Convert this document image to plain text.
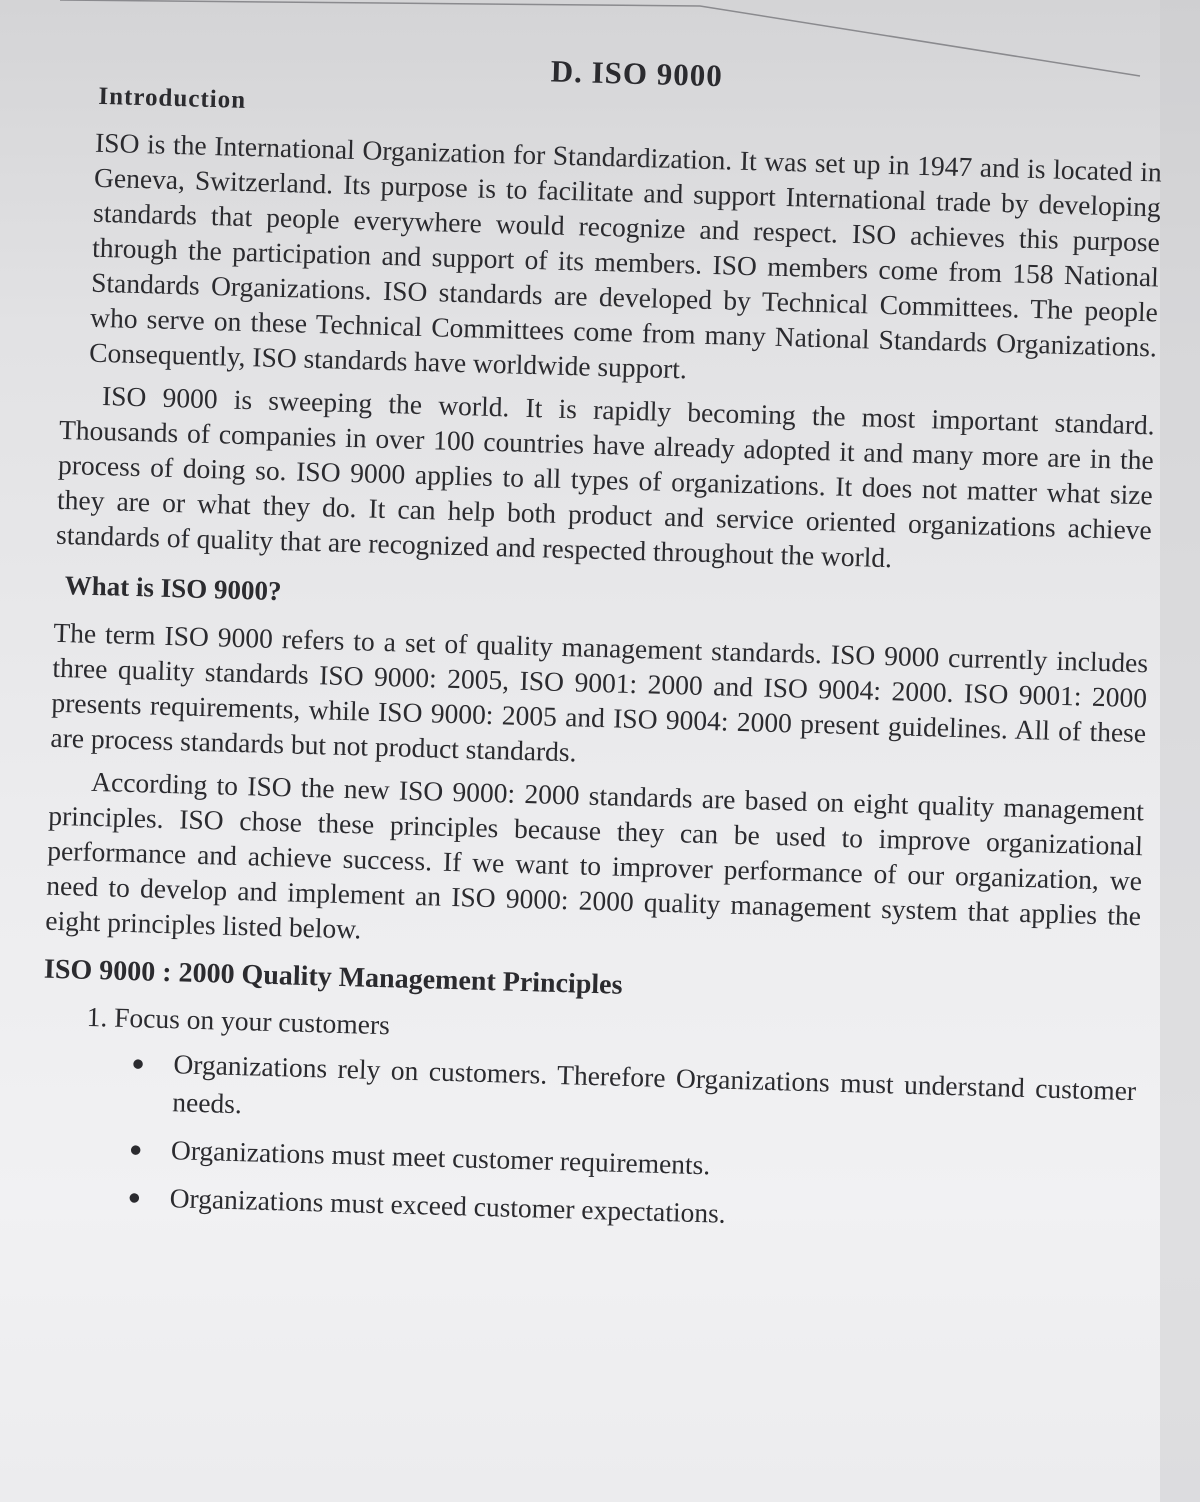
D. ISO 9000
Introduction

ISO is the International Organization for Standardization. It was set up in 1947 and is located in Geneva, Switzerland. Its purpose is to facilitate and support International trade by developing standards that people everywhere would recognize and respect. ISO achieves this purpose through the participation and support of its members. ISO members come from 158 National Standards Organizations. ISO standards are developed by Technical Committees. The people who serve on these Technical Committees come from many National Standards Organizations. Consequently, ISO standards have worldwide support.

ISO 9000 is sweeping the world. It is rapidly becoming the most important standard. Thousands of companies in over 100 countries have already adopted it and many more are in the process of doing so. ISO 9000 applies to all types of organizations. It does not matter what size they are or what they do. It can help both product and service oriented organizations achieve standards of quality that are recognized and respected throughout the world.

What is ISO 9000?

The term ISO 9000 refers to a set of quality management standards. ISO 9000 currently includes three quality standards ISO 9000: 2005, ISO 9001: 2000 and ISO 9004: 2000. ISO 9001: 2000 presents requirements, while ISO 9000: 2005 and ISO 9004: 2000 present guidelines. All of these are process standards but not product standards.

According to ISO the new ISO 9000: 2000 standards are based on eight quality management principles. ISO chose these principles because they can be used to improve organizational performance and achieve success. If we want to improver performance of our organization, we need to develop and implement an ISO 9000: 2000 quality management system that applies the eight principles listed below.

ISO 9000 : 2000 Quality Management Principles
1. Focus on your customers
● Organizations rely on customers. Therefore Organizations must understand customer needs.
● Organizations must meet customer requirements.
● Organizations must exceed customer expectations.
